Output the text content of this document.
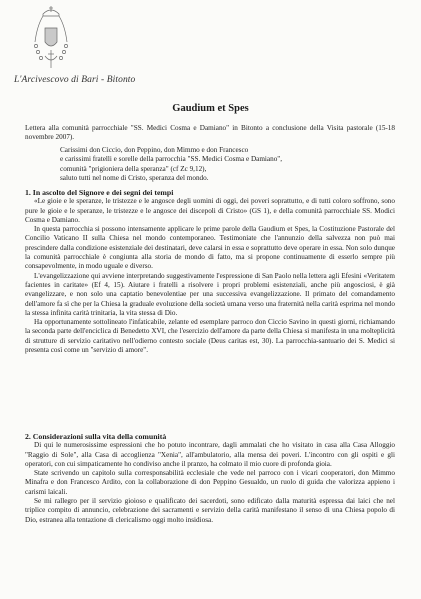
L'Arcivescovo di Bari - Bitonto
Gaudium et Spes

Lettera alla comunità parrocchiale "SS. Medici Cosma e Damiano" in Bitonto a conclusione della Visita pastorale (15-18 novembre 2007).

Carissimi don Ciccio, don Peppino, don Mimmo e don Francesco
e carissimi fratelli e sorelle della parrocchia "SS. Medici Cosma e Damiano",
comunità "prigioniera della speranza" (cf Zc 9,12),
saluto tutti nel nome di Cristo, speranza del mondo.

1. In ascolto del Signore e dei segni dei tempi

«Le gioie e le speranze, le tristezze e le angosce degli uomini di oggi, dei poveri soprattutto, e di tutti coloro soffrono, sono pure le gioie e le speranze, le tristezze e le angosce dei discepoli di Cristo» (GS 1), e della comunità parrocchiale SS. Modici Cosma e Damiano.

In questa parrocchia si possono intensamente applicare le prime parole della Gaudium et Spes, la Costituzione Pastorale del Concilio Vaticano II sulla Chiesa nel mondo contemporaneo. Testimoniate che l'annunzio della salvezza non può mai prescindere dalla condizione esistenziale dei destinatari, deve calarsi in essa e soprattutto deve operare in essa. Non solo dunque la comunità parrocchiale è congiunta alla storia de mondo di fatto, ma si propone continuamente di esserlo sempre più consapevolmente, in modo uguale e diverso.

L'evangelizzazione qui avviene interpretando suggestivamente l'espressione di San Paolo nella lettera agli Efesini «Veritatem facientes in caritate» (Ef 4, 15). Aiutare i fratelli a risolvere i propri problemi esistenziali, anche più angosciosi, è già evangelizzare, e non solo una captatio benevolentiae per una successiva evangelizzazione. Il primato del comandamento dell'amore fa sì che per la Chiesa la graduale evoluzione della società umana verso una fraternità nella carità esprima nel mondo la stessa infinita carità trinitaria, la vita stessa di Dio.

Ha opportunamente sottolineato l'infaticabile, zelante ed esemplare parroco don Ciccio Savino in questi giorni, richiamando la seconda parte dell'enciclica di Benedetto XVI, che l'esercizio dell'amore da parte della Chiesa si manifesta in una molteplicità di strutture di servizio caritativo nell'odierno contesto sociale (Deus caritas est, 30). La parrocchia-santuario dei S. Medici si presenta così come un "servizio di amore".

2. Considerazioni sulla vita della comunità

Di qui le numerosissime espressioni che ho potuto incontrare, dagli ammalati che ho visitato in casa alla Casa Alloggio "Raggio di Sole", alla Casa di accoglienza "Xenia", all'ambulatorio, alla mensa dei poveri. L'incontro con gli ospiti e gli operatori, con cui simpaticamente ho condiviso anche il pranzo, ha colmato il mio cuore di profonda gioia.

State scrivendo un capitolo sulla corresponsabilità ecclesiale che vede nel parroco con i vicari cooperatori, don Mimmo Minafra e don Francesco Ardito, con la collaborazione di don Peppino Gesualdo, un ruolo di guida che valorizza appieno i carismi laicali.

Se mi rallegro per il servizio gioioso e qualificato dei sacerdoti, sono edificato dalla maturità espressa dai laici che nel triplice compito di annuncio, celebrazione dei sacramenti e servizio della carità manifestano il senso di una Chiesa popolo di Dio, estranea alla tentazione di clericalismo oggi molto insidiosa.
